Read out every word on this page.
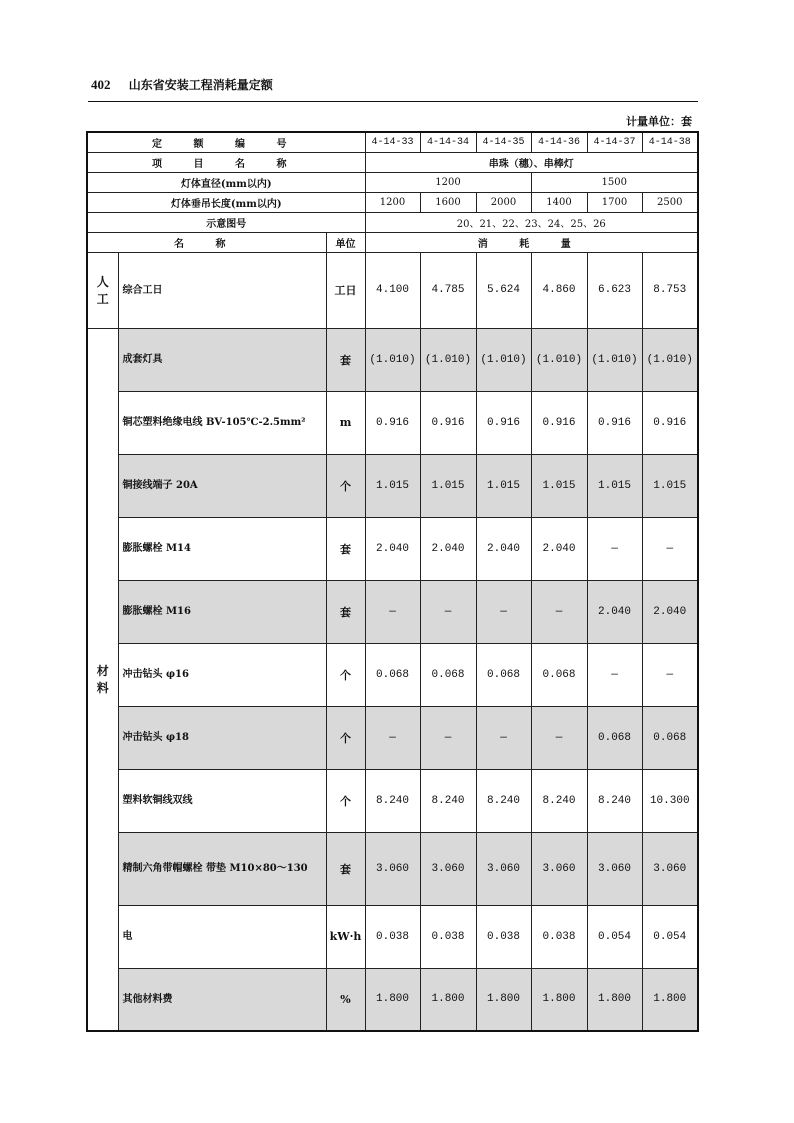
402 山东省安装工程消耗量定额
计量单位：套
定 额 编 号			4-14-33	4-14-34	4-14-35	4-14-36	4-14-37	4-14-38
项 目 名 称			串珠（穗）、串棒灯					
灯体直径(mm以内)			1200			1500		
灯体垂吊长度(mm以内)			1200	1600	2000	1400	1700	2500
示意图号			20、21、22、23、24、25、26					
名 称		单位	消 耗 量					

人
工	综合工日	工日	4.100	4.785	5.624	4.860	6.623	8.753

材
料	成套灯具	套	(1.010)	(1.010)	(1.010)	(1.010)	(1.010)	(1.010)
	铜芯塑料绝缘电线 BV-105℃-2.5mm²	m	0.916	0.916	0.916	0.916	0.916	0.916
	铜接线端子 20A	个	1.015	1.015	1.015	1.015	1.015	1.015
	膨胀螺栓 M14	套	2.040	2.040	2.040	2.040	—	—
	膨胀螺栓 M16	套	—	—	—	—	2.040	2.040
	冲击钻头 φ16	个	0.068	0.068	0.068	0.068	—	—
	冲击钻头 φ18	个	—	—	—	—	0.068	0.068
	塑料软铜线双线	个	8.240	8.240	8.240	8.240	8.240	10.300
	精制六角带帽螺栓 带垫 M10×80～130	套	3.060	3.060	3.060	3.060	3.060	3.060
	电	kW·h	0.038	0.038	0.038	0.038	0.054	0.054
	其他材料费	%	1.800	1.800	1.800	1.800	1.800	1.800
